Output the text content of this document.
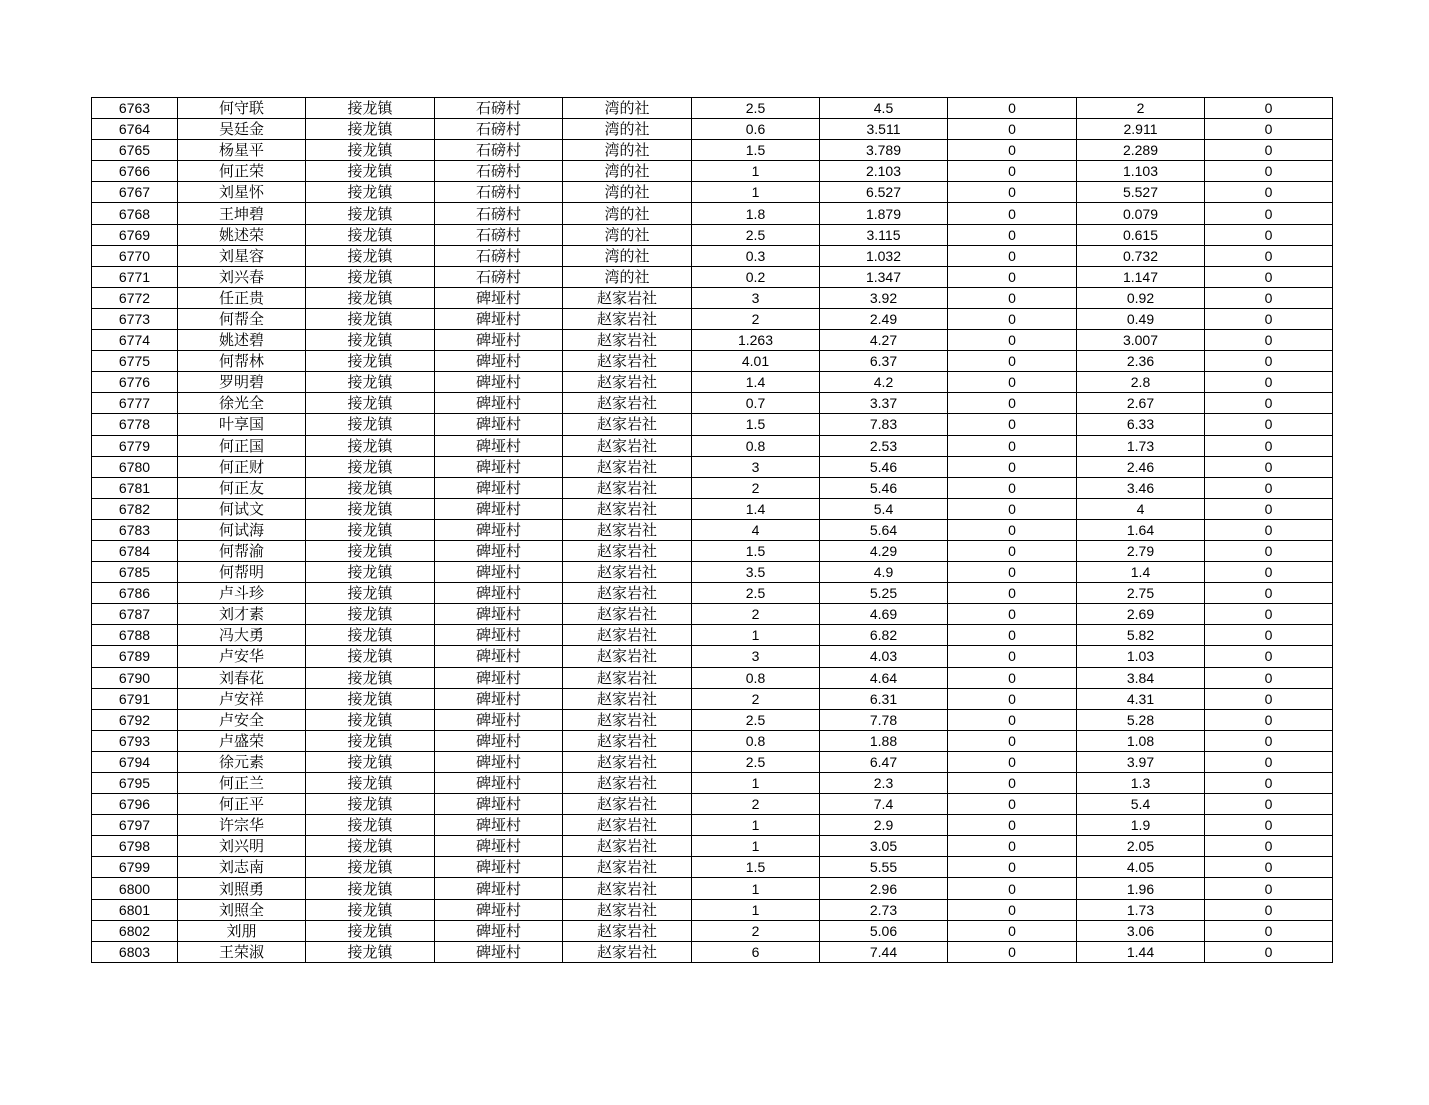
6763	何守联	接龙镇	石磅村	湾的社	2.5	4.5	0	2	0
6764	吴廷金	接龙镇	石磅村	湾的社	0.6	3.511	0	2.911	0
6765	杨星平	接龙镇	石磅村	湾的社	1.5	3.789	0	2.289	0
6766	何正荣	接龙镇	石磅村	湾的社	1	2.103	0	1.103	0
6767	刘星怀	接龙镇	石磅村	湾的社	1	6.527	0	5.527	0
6768	王坤碧	接龙镇	石磅村	湾的社	1.8	1.879	0	0.079	0
6769	姚述荣	接龙镇	石磅村	湾的社	2.5	3.115	0	0.615	0
6770	刘星容	接龙镇	石磅村	湾的社	0.3	1.032	0	0.732	0
6771	刘兴春	接龙镇	石磅村	湾的社	0.2	1.347	0	1.147	0
6772	任正贵	接龙镇	碑垭村	赵家岩社	3	3.92	0	0.92	0
6773	何帮全	接龙镇	碑垭村	赵家岩社	2	2.49	0	0.49	0
6774	姚述碧	接龙镇	碑垭村	赵家岩社	1.263	4.27	0	3.007	0
6775	何帮林	接龙镇	碑垭村	赵家岩社	4.01	6.37	0	2.36	0
6776	罗明碧	接龙镇	碑垭村	赵家岩社	1.4	4.2	0	2.8	0
6777	徐光全	接龙镇	碑垭村	赵家岩社	0.7	3.37	0	2.67	0
6778	叶享国	接龙镇	碑垭村	赵家岩社	1.5	7.83	0	6.33	0
6779	何正国	接龙镇	碑垭村	赵家岩社	0.8	2.53	0	1.73	0
6780	何正财	接龙镇	碑垭村	赵家岩社	3	5.46	0	2.46	0
6781	何正友	接龙镇	碑垭村	赵家岩社	2	5.46	0	3.46	0
6782	何试文	接龙镇	碑垭村	赵家岩社	1.4	5.4	0	4	0
6783	何试海	接龙镇	碑垭村	赵家岩社	4	5.64	0	1.64	0
6784	何帮渝	接龙镇	碑垭村	赵家岩社	1.5	4.29	0	2.79	0
6785	何帮明	接龙镇	碑垭村	赵家岩社	3.5	4.9	0	1.4	0
6786	卢斗珍	接龙镇	碑垭村	赵家岩社	2.5	5.25	0	2.75	0
6787	刘才素	接龙镇	碑垭村	赵家岩社	2	4.69	0	2.69	0
6788	冯大勇	接龙镇	碑垭村	赵家岩社	1	6.82	0	5.82	0
6789	卢安华	接龙镇	碑垭村	赵家岩社	3	4.03	0	1.03	0
6790	刘春花	接龙镇	碑垭村	赵家岩社	0.8	4.64	0	3.84	0
6791	卢安祥	接龙镇	碑垭村	赵家岩社	2	6.31	0	4.31	0
6792	卢安全	接龙镇	碑垭村	赵家岩社	2.5	7.78	0	5.28	0
6793	卢盛荣	接龙镇	碑垭村	赵家岩社	0.8	1.88	0	1.08	0
6794	徐元素	接龙镇	碑垭村	赵家岩社	2.5	6.47	0	3.97	0
6795	何正兰	接龙镇	碑垭村	赵家岩社	1	2.3	0	1.3	0
6796	何正平	接龙镇	碑垭村	赵家岩社	2	7.4	0	5.4	0
6797	许宗华	接龙镇	碑垭村	赵家岩社	1	2.9	0	1.9	0
6798	刘兴明	接龙镇	碑垭村	赵家岩社	1	3.05	0	2.05	0
6799	刘志南	接龙镇	碑垭村	赵家岩社	1.5	5.55	0	4.05	0
6800	刘照勇	接龙镇	碑垭村	赵家岩社	1	2.96	0	1.96	0
6801	刘照全	接龙镇	碑垭村	赵家岩社	1	2.73	0	1.73	0
6802	刘朋	接龙镇	碑垭村	赵家岩社	2	5.06	0	3.06	0
6803	王荣淑	接龙镇	碑垭村	赵家岩社	6	7.44	0	1.44	0
